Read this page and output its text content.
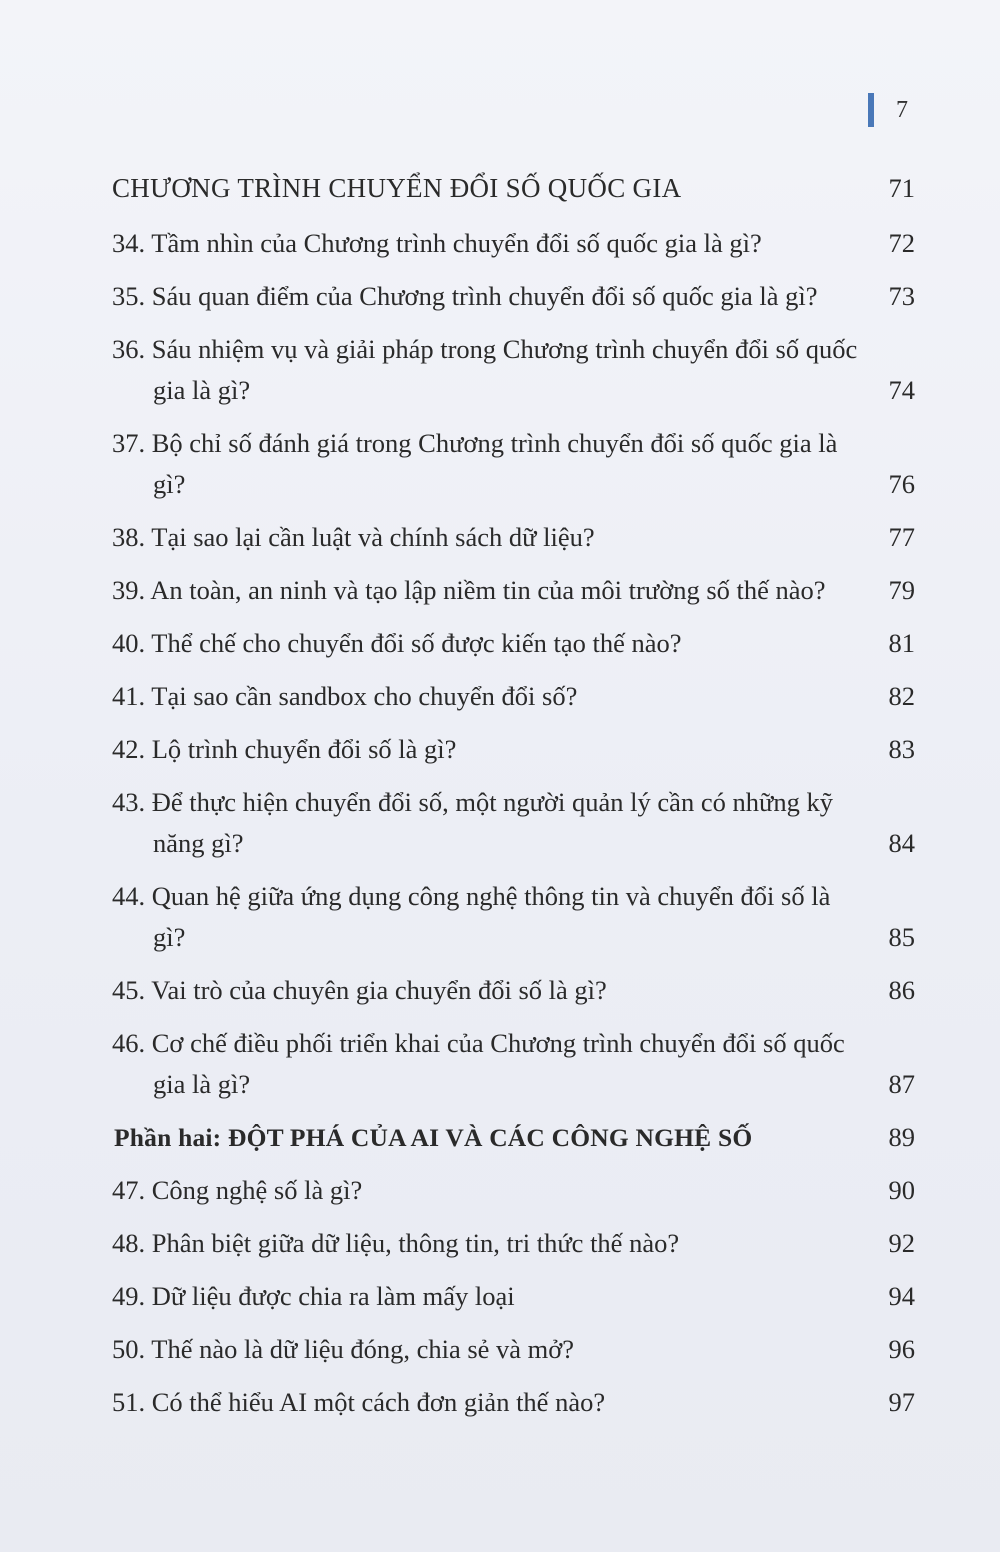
7
CHƯƠNG TRÌNH CHUYỂN ĐỔI SỐ QUỐC GIA	71
34. Tầm nhìn của Chương trình chuyển đổi số quốc gia là gì?	72
35. Sáu quan điểm của Chương trình chuyển đổi số quốc gia là gì?	73
36. Sáu nhiệm vụ và giải pháp trong Chương trình chuyển đổi số quốc gia là gì?	74
37. Bộ chỉ số đánh giá trong Chương trình chuyển đổi số quốc gia là gì?	76
38. Tại sao lại cần luật và chính sách dữ liệu?	77
39. An toàn, an ninh và tạo lập niềm tin của môi trường số thế nào?	79
40. Thể chế cho chuyển đổi số được kiến tạo thế nào?	81
41. Tại sao cần sandbox cho chuyển đổi số?	82
42. Lộ trình chuyển đổi số là gì?	83
43. Để thực hiện chuyển đổi số, một người quản lý cần có những kỹ năng gì?	84
44. Quan hệ giữa ứng dụng công nghệ thông tin và chuyển đổi số là gì?	85
45. Vai trò của chuyên gia chuyển đổi số là gì?	86
46. Cơ chế điều phối triển khai của Chương trình chuyển đổi số quốc gia là gì?	87
Phần hai: ĐỘT PHÁ CỦA AI VÀ CÁC CÔNG NGHỆ SỐ	89
47. Công nghệ số là gì?	90
48. Phân biệt giữa dữ liệu, thông tin, tri thức thế nào?	92
49. Dữ liệu được chia ra làm mấy loại	94
50. Thế nào là dữ liệu đóng, chia sẻ và mở?	96
51. Có thể hiểu AI một cách đơn giản thế nào?	97
